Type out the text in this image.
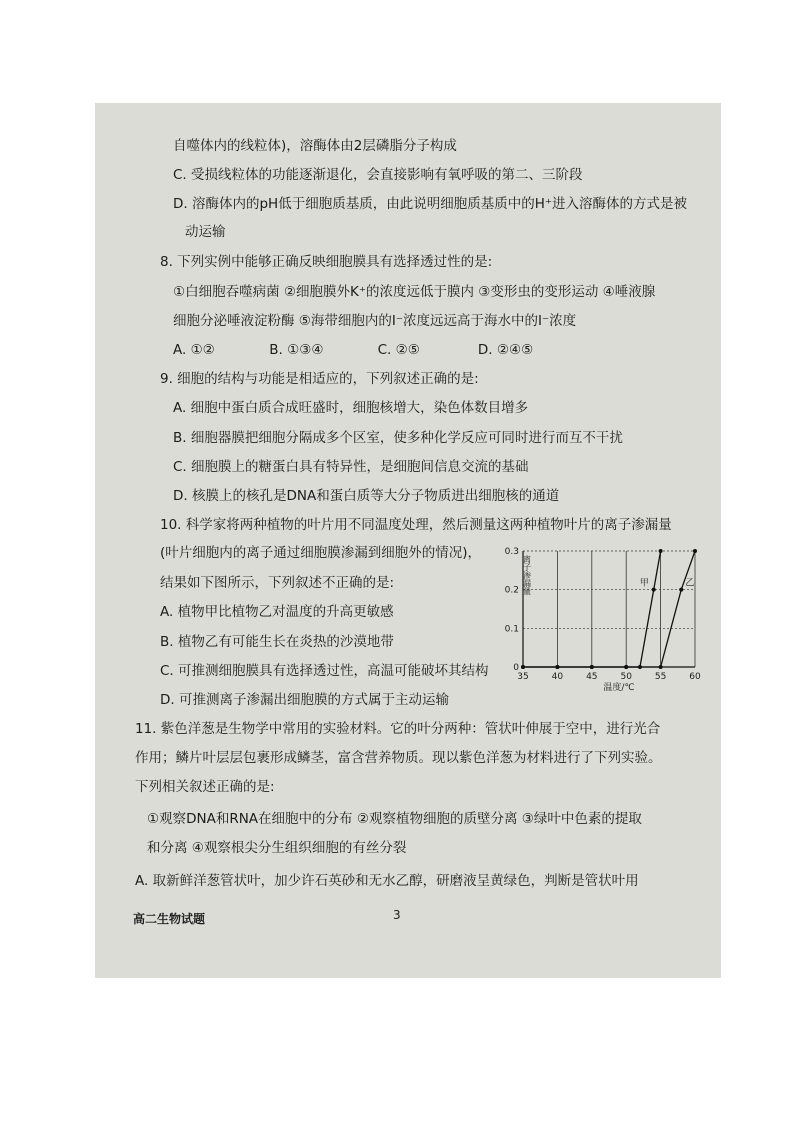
自噬体内的线粒体)，溶酶体由2层磷脂分子构成
C. 受损线粒体的功能逐渐退化，会直接影响有氧呼吸的第二、三阶段
D. 溶酶体内的pH低于细胞质基质，由此说明细胞质基质中的H⁺进入溶酶体的方式是被
动运输
8. 下列实例中能够正确反映细胞膜具有选择透过性的是:
①白细胞吞噬病菌 ②细胞膜外K⁺的浓度远低于膜内 ③变形虫的变形运动 ④唾液腺
细胞分泌唾液淀粉酶 ⑤海带细胞内的I⁻浓度远远高于海水中的I⁻浓度
A. ①②	B. ①③④	C. ②⑤	D. ②④⑤
9. 细胞的结构与功能是相适应的，下列叙述正确的是:
A. 细胞中蛋白质合成旺盛时，细胞核增大，染色体数目增多
B. 细胞器膜把细胞分隔成多个区室，使多种化学反应可同时进行而互不干扰
C. 细胞膜上的糖蛋白具有特异性，是细胞间信息交流的基础
D. 核膜上的核孔是DNA和蛋白质等大分子物质进出细胞核的通道
10. 科学家将两种植物的叶片用不同温度处理，然后测量这两种植物叶片的离子渗漏量
(叶片细胞内的离子通过细胞膜渗漏到细胞外的情况)，
结果如下图所示，下列叙述不正确的是:
A. 植物甲比植物乙对温度的升高更敏感
B. 植物乙有可能生长在炎热的沙漠地带
C. 可推测细胞膜具有选择透过性，高温可能破坏其结构
D. 可推测离子渗漏出细胞膜的方式属于主动运输
11. 紫色洋葱是生物学中常用的实验材料。它的叶分两种：管状叶伸展于空中，进行光合
作用；鳞片叶层层包裹形成鳞茎，富含营养物质。现以紫色洋葱为材料进行了下列实验。
下列相关叙述正确的是:
①观察DNA和RNA在细胞中的分布 ②观察植物细胞的质壁分离 ③绿叶中色素的提取
和分离 ④观察根尖分生组织细胞的有丝分裂
A. 取新鲜洋葱管状叶，加少许石英砂和无水乙醇，研磨液呈黄绿色，判断是管状叶用
高二生物试题	3
35	40	45	50	55	60
0
0.1
0.2
0.3
温度/℃
离子渗漏量	甲	乙
